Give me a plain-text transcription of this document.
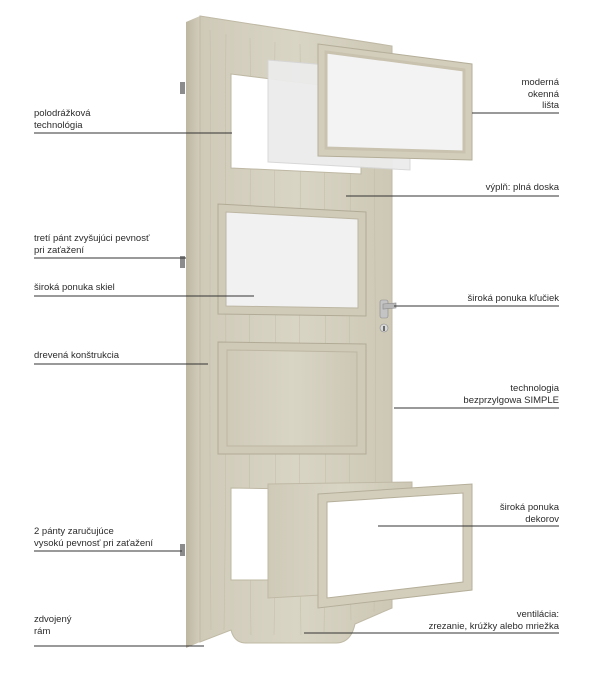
polodrážková
technológia
tretí pánt zvyšujúci pevnosť
pri zaťažení
široká ponuka skiel
drevená konštrukcia
2 pánty zaručujúce
vysokú pevnosť pri zaťažení
zdvojený
rám
moderná
okenná
lišta
výplň: plná doska
široká ponuka kľučiek
technologia
bezprzylgowa SIMPLE
široká ponuka
dekorov
ventilácia:
zrezanie, krúžky alebo mriežka
